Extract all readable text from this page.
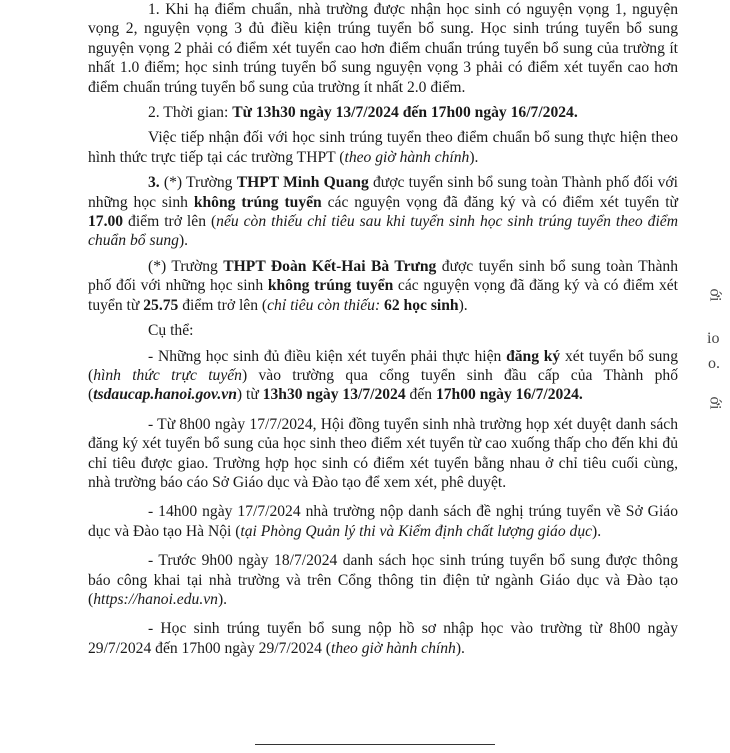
1. Khi hạ điểm chuẩn, nhà trường được nhận học sinh có nguyện vọng 1, nguyện vọng 2, nguyện vọng 3 đủ điều kiện trúng tuyển bổ sung. Học sinh trúng tuyển bổ sung nguyện vọng 2 phải có điểm xét tuyển cao hơn điểm chuẩn trúng tuyển bổ sung của trường ít nhất 1.0 điểm; học sinh trúng tuyển bổ sung nguyện vọng 3 phải có điểm xét tuyển cao hơn điểm chuẩn trúng tuyển bổ sung của trường ít nhất 2.0 điểm.

2. Thời gian: Từ 13h30 ngày 13/7/2024 đến 17h00 ngày 16/7/2024.

Việc tiếp nhận đối với học sinh trúng tuyển theo điểm chuẩn bổ sung thực hiện theo hình thức trực tiếp tại các trường THPT (theo giờ hành chính).

3. (*) Trường THPT Minh Quang được tuyển sinh bổ sung toàn Thành phố đối với những học sinh không trúng tuyển các nguyện vọng đã đăng ký và có điểm xét tuyển từ 17.00 điểm trở lên (nếu còn thiếu chỉ tiêu sau khi tuyển sinh học sinh trúng tuyển theo điểm chuẩn bổ sung).

(*) Trường THPT Đoàn Kết-Hai Bà Trưng được tuyển sinh bổ sung toàn Thành phố đối với những học sinh không trúng tuyển các nguyện vọng đã đăng ký và có điểm xét tuyển từ 25.75 điểm trở lên (chỉ tiêu còn thiếu: 62 học sinh).

Cụ thể:

- Những học sinh đủ điều kiện xét tuyển phải thực hiện đăng ký xét tuyển bổ sung (hình thức trực tuyến) vào trường qua cổng tuyển sinh đầu cấp của Thành phố (tsdaucap.hanoi.gov.vn) từ 13h30 ngày 13/7/2024 đến 17h00 ngày 16/7/2024.

- Từ 8h00 ngày 17/7/2024, Hội đồng tuyển sinh nhà trường họp xét duyệt danh sách đăng ký xét tuyển bổ sung của học sinh theo điểm xét tuyển từ cao xuống thấp cho đến khi đủ chỉ tiêu được giao. Trường hợp học sinh có điểm xét tuyển bằng nhau ở chỉ tiêu cuối cùng, nhà trường báo cáo Sở Giáo dục và Đào tạo để xem xét, phê duyệt.

- 14h00 ngày 17/7/2024 nhà trường nộp danh sách đề nghị trúng tuyển về Sở Giáo dục và Đào tạo Hà Nội (tại Phòng Quản lý thi và Kiểm định chất lượng giáo dục).

- Trước 9h00 ngày 18/7/2024 danh sách học sinh trúng tuyển bổ sung được thông báo công khai tại nhà trường và trên Cổng thông tin điện tử ngành Giáo dục và Đào tạo (https://hanoi.edu.vn).

- Học sinh trúng tuyển bổ sung nộp hồ sơ nhập học vào trường từ 8h00 ngày 29/7/2024 đến 17h00 ngày 29/7/2024 (theo giờ hành chính).

ới
io
o.
ới
